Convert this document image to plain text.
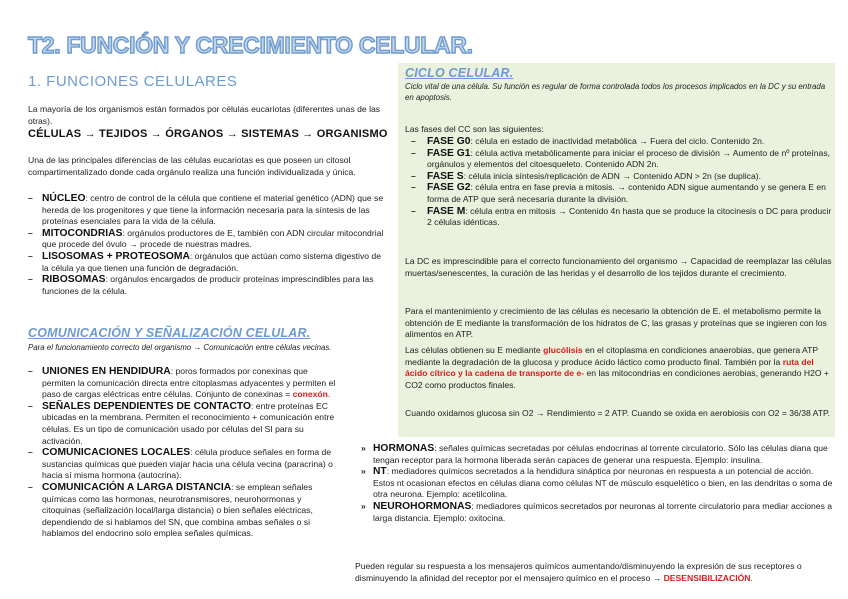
T2. FUNCIÓN Y CRECIMIENTO CELULAR.
1. FUNCIONES CELULARES
La mayoría de los organismos están formados por células eucariotas (diferentes unas de las otras).
CÉLULAS → TEJIDOS → ÓRGANOS → SISTEMAS → ORGANISMO
Una de las principales diferencias de las células eucariotas es que poseen un citosol compartimentalizado donde cada orgánulo realiza una función individualizada y única.
– NÚCLEO: centro de control de la célula que contiene el material genético (ADN) que se hereda de los progenitores y que tiene la información necesaria para la síntesis de las proteínas esenciales para la vida de la célula.
– MITOCONDRIAS: orgánulos productores de E, también con ADN circular mitocondrial que procede del óvulo → procede de nuestras madres.
– LISOSOMAS + PROTEOSOMA: orgánulos que actúan como sistema digestivo de la célula ya que tienen una función de degradación.
– RIBOSOMAS: orgánulos encargados de producir proteínas imprescindibles para las funciones de la célula.
COMUNICACIÓN Y SEÑALIZACIÓN CELULAR.
Para el funcionamiento correcto del organismo → Comunicación entre células vecinas.
– UNIONES EN HENDIDURA: poros formados por conexinas que permiten la comunicación directa entre citoplasmas adyacentes y permiten el paso de cargas eléctricas entre células. Conjunto de conexinas = conexón.
– SEÑALES DEPENDIENTES DE CONTACTO: entre proteínas EC ubicadas en la membrana. Permiten el reconocimiento + comunicación entre células. Es un tipo de comunicación usado por células del SI para su activación.
– COMUNICACIONES LOCALES: célula produce señales en forma de sustancias químicas que pueden viajar hacia una célula vecina (paracrina) o hacia sí misma hormona (autocrina).
– COMUNICACIÓN A LARGA DISTANCIA: se emplean señales químicas como las hormonas, neurotransmisores, neurohormonas y citoquinas (señalización local/larga distancia) o bien señales eléctricas, dependiendo de si hablamos del SN, que combina ambas señales o si hablamos del endocrino solo emplea señales químicas.
CICLO CELULAR.
Ciclo vital de una célula. Su función es regular de forma controlada todos los procesos implicados en la DC y su entrada en apoptosis.
Las fases del CC son las siguientes:
– FASE G0: célula en estado de inactividad metabólica → Fuera del ciclo. Contenido 2n.
– FASE G1: célula activa metabólicamente para iniciar el proceso de división → Aumento de nº proteínas, orgánulos y elementos del citoesqueleto. Contenido ADN 2n.
– FASE S: célula inicia síntesis/replicación de ADN → Contenido ADN > 2n (se duplica).
– FASE G2: célula entra en fase previa a mitosis. → contenido ADN sigue aumentando y se genera E en forma de ATP que será necesaria durante la división.
– FASE M: célula entra en mitosis → Contenido 4n hasta que se produce la citocinesis o DC para producir 2 células idénticas.
La DC es imprescindible para el correcto funcionamiento del organismo → Capacidad de reemplazar las células muertas/senescentes, la curación de las heridas y el desarrollo de los tejidos durante el crecimiento.
Para el mantenimiento y crecimiento de las células es necesario la obtención de E. el metabolismo permite la obtención de E mediante la transformación de los hidratos de C, las grasas y proteínas que se ingieren con los alimentos en ATP.
Las células obtienen su E mediante glucólisis en el citoplasma en condiciones anaerobias, que genera ATP mediante la degradación de la glucosa y produce ácido láctico como producto final. También por la ruta del ácido cítrico y la cadena de transporte de e- en las mitocondrias en condiciones aerobias, generando H2O + CO2 como productos finales.
Cuando oxidamos glucosa sin O2 → Rendimiento = 2 ATP. Cuando se oxida en aerobiosis con O2 = 36/38 ATP.
» HORMONAS: señales químicas secretadas por células endocrinas al torrente circulatorio. Sólo las células diana que tengan receptor para la hormona liberada serán capaces de generar una respuesta. Ejemplo: insulina.
» NT: mediadores químicos secretados a la hendidura sináptica por neuronas en respuesta a un potencial de acción. Estos nt ocasionan efectos en células diana como células NT de músculo esquelético o bien, en las dendritas o soma de otra neurona. Ejemplo: acetilcolina.
» NEUROHORMONAS: mediadores químicos secretados por neuronas al torrente circulatorio para mediar acciones a larga distancia. Ejemplo: oxitocina.
Pueden regular su respuesta a los mensajeros químicos aumentando/disminuyendo la expresión de sus receptores o disminuyendo la afinidad del receptor por el mensajero químico en el proceso → DESENSIBILIZACIÓN.
